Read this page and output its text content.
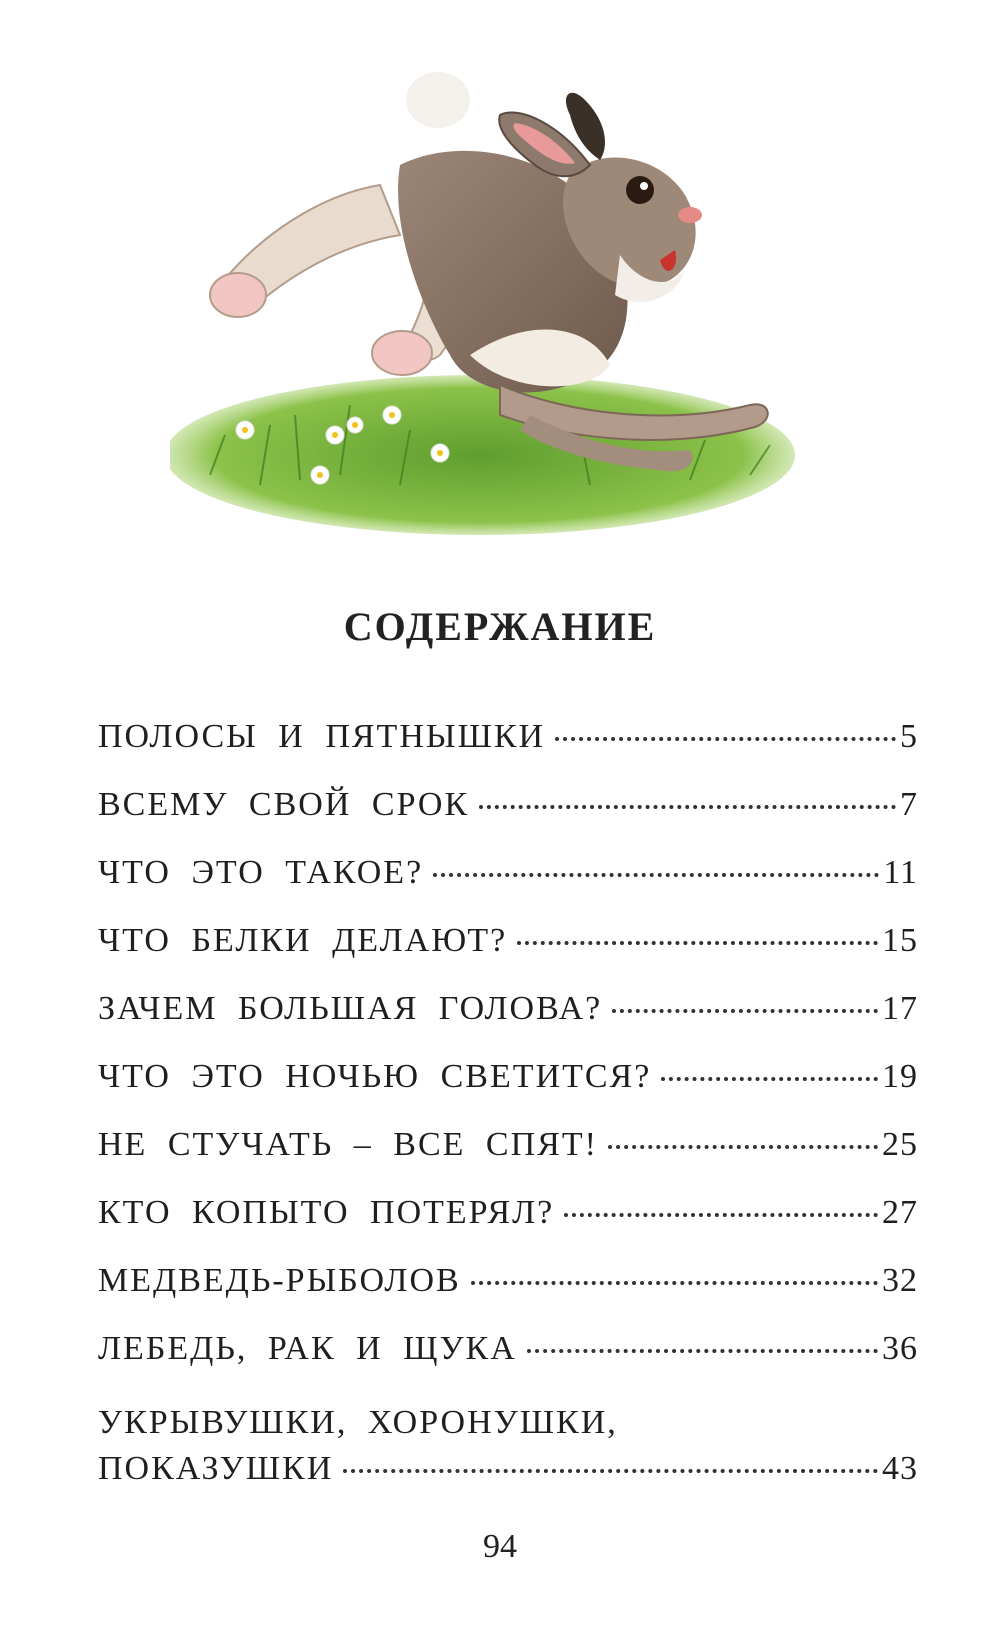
СОДЕРЖАНИЕ
ПОЛОСЫ И ПЯТНЫШКИ	5
ВСЕМУ СВОЙ СРОК	7
ЧТО ЭТО ТАКОЕ?	11
ЧТО БЕЛКИ ДЕЛАЮТ?	15
ЗАЧЕМ БОЛЬШАЯ ГОЛОВА?	17
ЧТО ЭТО НОЧЬЮ СВЕТИТСЯ?	19
НЕ СТУЧАТЬ – ВСЕ СПЯТ!	25
КТО КОПЫТО ПОТЕРЯЛ?	27
МЕДВЕДЬ-РЫБОЛОВ	32
ЛЕБЕДЬ, РАК И ЩУКА	36
УКРЫВУШКИ, ХОРОНУШКИ,
ПОКАЗУШКИ	43
94
